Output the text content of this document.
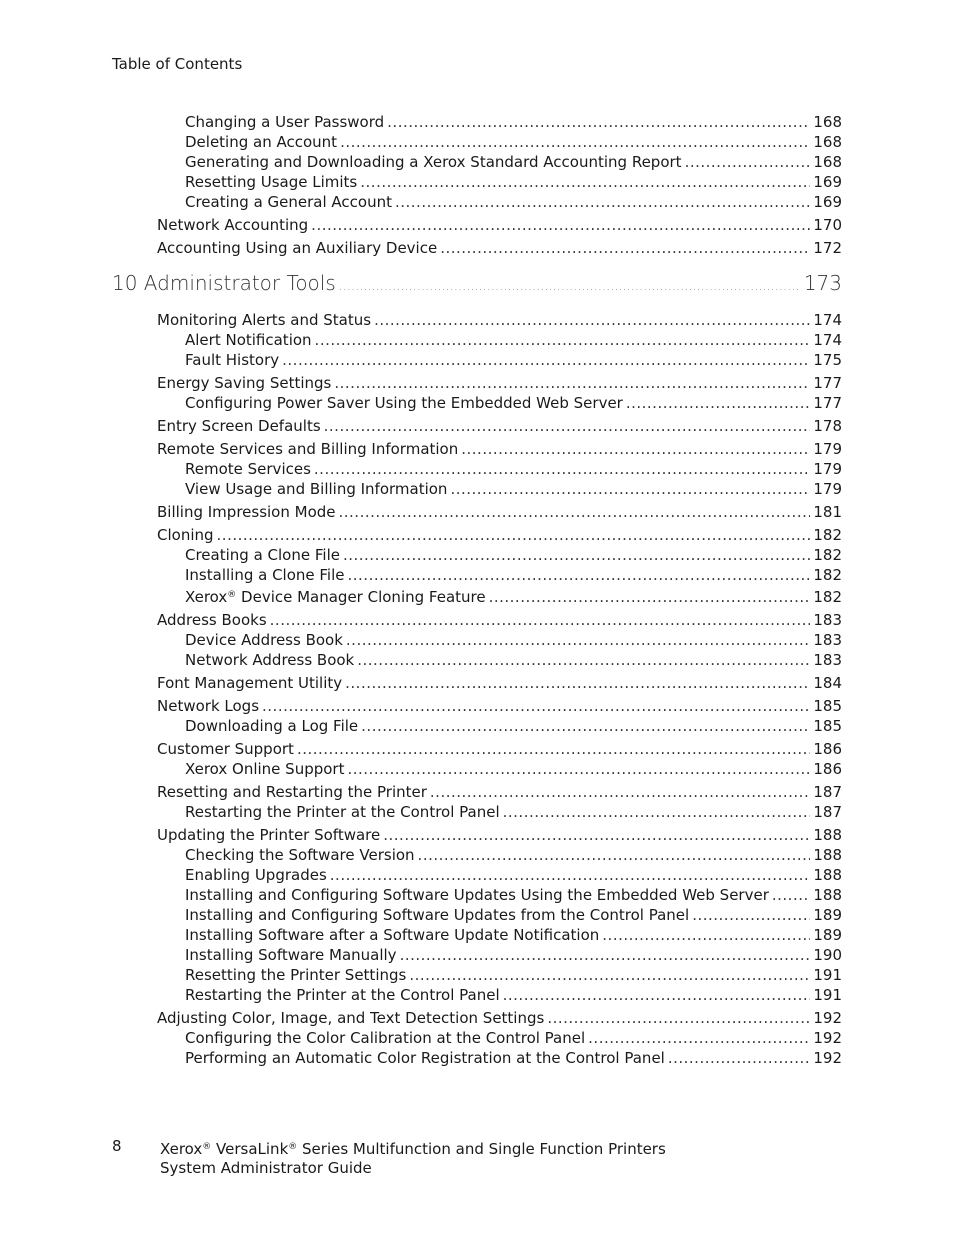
Table of Contents
Changing a User Password .....	168
Deleting an Account .....	168
Generating and Downloading a Xerox Standard Accounting Report .....	168
Resetting Usage Limits .....	169
Creating a General Account .....	169
Network Accounting .....	170
Accounting Using an Auxiliary Device .....	172
10 Administrator Tools .....	173
Monitoring Alerts and Status .....	174
Alert Notification .....	174
Fault History .....	175
Energy Saving Settings .....	177
Configuring Power Saver Using the Embedded Web Server .....	177
Entry Screen Defaults .....	178
Remote Services and Billing Information .....	179
Remote Services .....	179
View Usage and Billing Information .....	179
Billing Impression Mode .....	181
Cloning .....	182
Creating a Clone File .....	182
Installing a Clone File .....	182
Xerox® Device Manager Cloning Feature .....	182
Address Books .....	183
Device Address Book .....	183
Network Address Book .....	183
Font Management Utility .....	184
Network Logs .....	185
Downloading a Log File .....	185
Customer Support .....	186
Xerox Online Support .....	186
Resetting and Restarting the Printer .....	187
Restarting the Printer at the Control Panel .....	187
Updating the Printer Software .....	188
Checking the Software Version .....	188
Enabling Upgrades .....	188
Installing and Configuring Software Updates Using the Embedded Web Server .....	188
Installing and Configuring Software Updates from the Control Panel .....	189
Installing Software after a Software Update Notification .....	189
Installing Software Manually .....	190
Resetting the Printer Settings .....	191
Restarting the Printer at the Control Panel .....	191
Adjusting Color, Image, and Text Detection Settings .....	192
Configuring the Color Calibration at the Control Panel .....	192
Performing an Automatic Color Registration at the Control Panel .....	192
8	Xerox® VersaLink® Series Multifunction and Single Function Printers
System Administrator Guide
